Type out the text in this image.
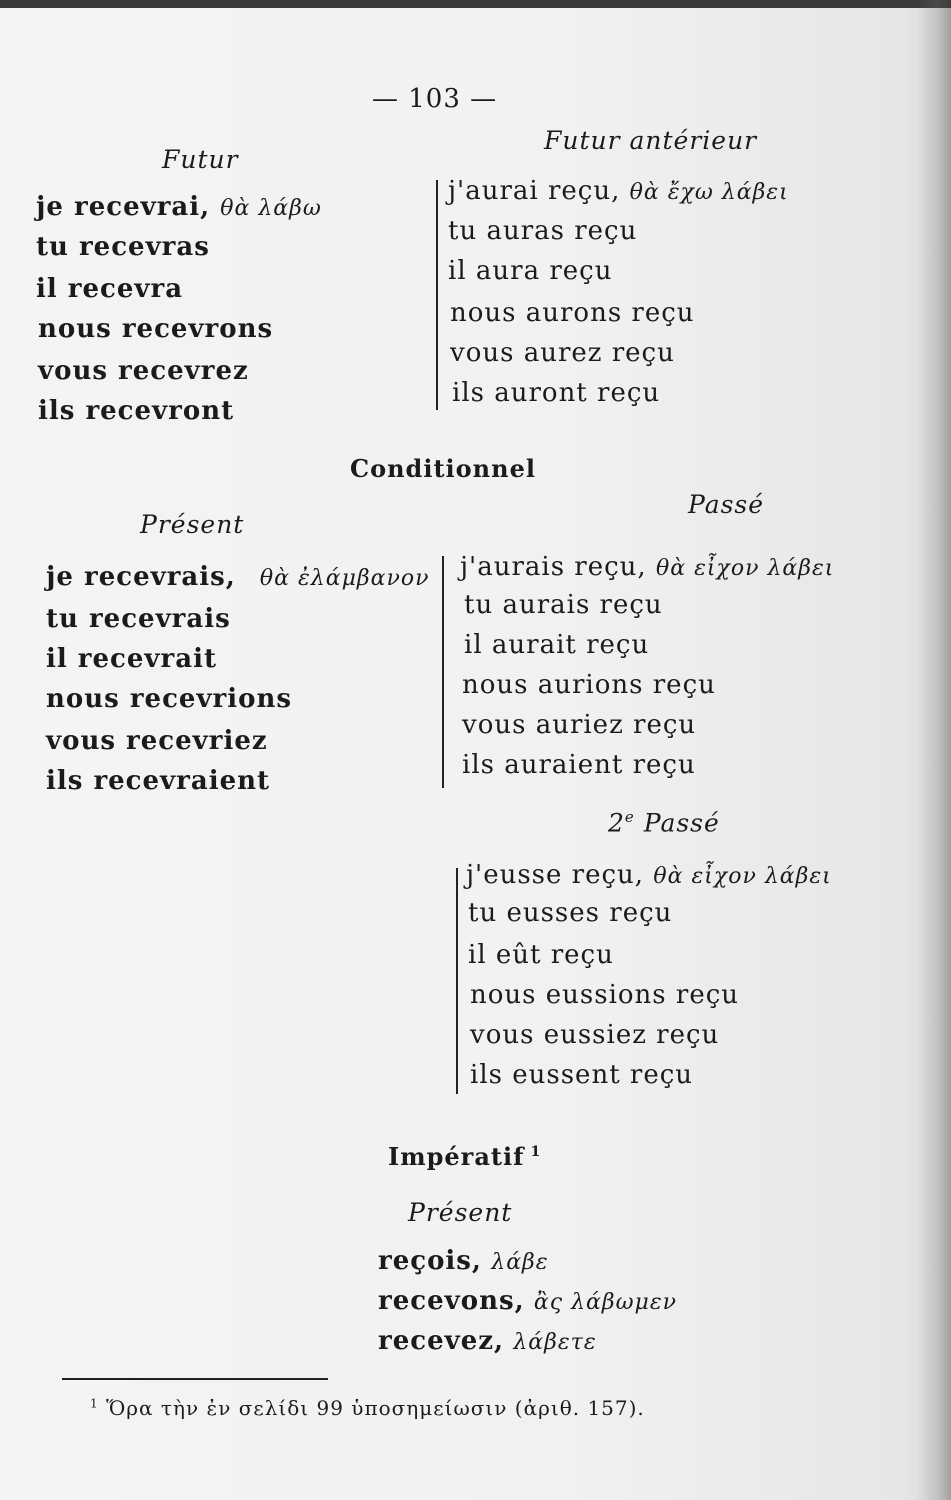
— 103 —
Futur
je recevrai, θὰ λάβω
tu recevras
il recevra
nous recevrons
vous recevrez
ils recevront
Futur antérieur
j'aurai reçu, θὰ ἔχω λάβει
tu auras reçu
il aura reçu
nous aurons reçu
vous aurez reçu
ils auront reçu
Conditionnel
Présent
je recevrais, θὰ ἐλάμβανον
tu recevrais
il recevrait
nous recevrions
vous recevriez
ils recevraient
Passé
j'aurais reçu, θὰ εἶχον λάβει
tu aurais reçu
il aurait reçu
nous aurions reçu
vous auriez reçu
ils auraient reçu
2e Passé
j'eusse reçu, θὰ εἶχον λάβει
tu eusses reçu
il eût reçu
nous eussions reçu
vous eussiez reçu
ils eussent reçu
Impératif $^1$
Présent
reçois, λάβε
recevons, ἂς λάβωμεν
recevez, λάβετε
$^1$ Ὅρα τὴν ἐν σελίδι 99 ὑποσημείωσιν (ἀριθ. 157).
